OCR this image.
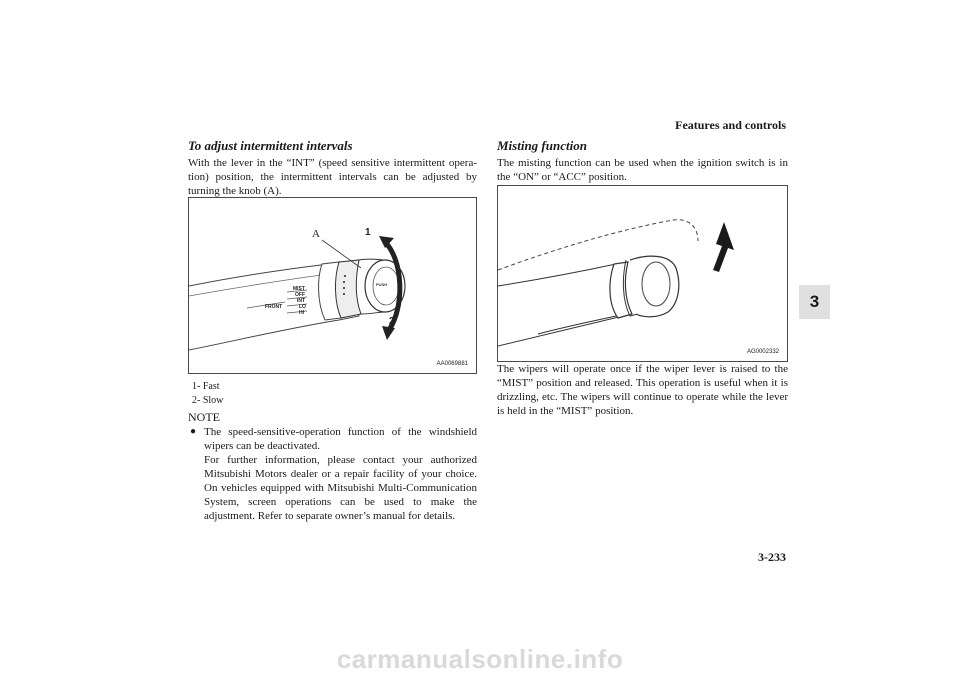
Features and controls
3
To adjust intermittent intervals
With the lever in the “INT” (speed sensitive intermittent opera-tion) position, the intermittent intervals can be adjusted by turning the knob (A).
A	1
2
PUSH
MIST
OFF
INT
LO
HI
FRONT
AA0069881
1- Fast
2- Slow
NOTE
● The speed-sensitive-operation function of the windshield wipers can be deactivated.
For further information, please contact your authorized Mitsubishi Motors dealer or a repair facility of your choice. On vehicles equipped with Mitsubishi Multi-Communication System, screen operations can be used to make the adjustment. Refer to separate owner’s manual for details.
Misting function
The misting function can be used when the ignition switch is in the “ON” or “ACC” position.
AG0002332
The wipers will operate once if the wiper lever is raised to the “MIST” position and released. This operation is useful when it is drizzling, etc. The wipers will continue to operate while the lever is held in the “MIST” position.
3-233
carmanualsonline.info
